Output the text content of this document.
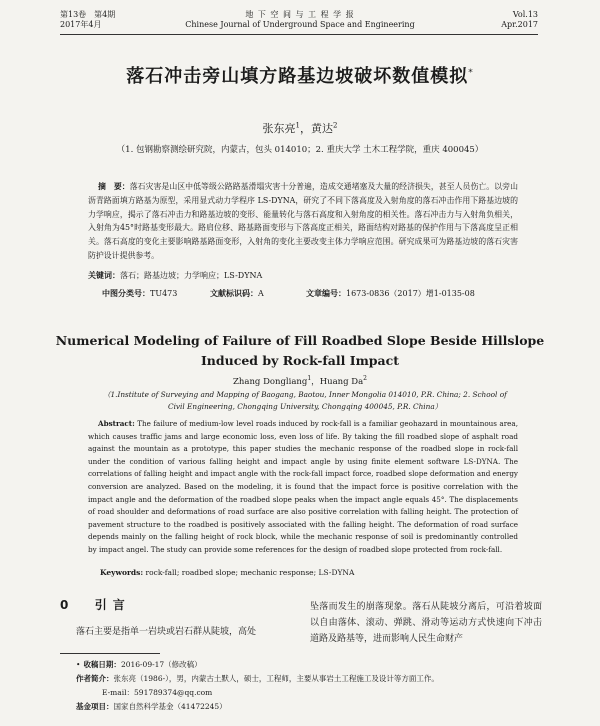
第13卷　第4期
2017年4月
地 下 空 间 与 工 程 学 报
Chinese Journal of Underground Space and Engineering
Vol.13
Apr.2017
落石冲击旁山填方路基边坡破坏数值模拟*
张东亮$^1$，黄达$^2$
（1. 包钢勘察测绘研究院，内蒙古，包头 014010；2. 重庆大学 土木工程学院，重庆 400045）
摘　要：落石灾害是山区中低等级公路路基滑塌灾害十分普遍，造成交通堵塞及大量的经济损失，甚至人员伤亡。以旁山沥青路面填方路基为原型，采用显式动力学程序 LS-DYNA，研究了不同下落高度及入射角度的落石冲击作用下路基边坡的力学响应，揭示了落石冲击力和路基边坡的变形、能量转化与落石高度和入射角度的相关性。落石冲击力与入射角负相关，入射角为45°时路基变形最大。路肩位移、路基路面变形与下落高度正相关，路面结构对路基的保护作用与下落高度呈正相关。落石高度的变化主要影响路基路面变形，入射角的变化主要改变主体力学响应范围。研究成果可为路基边坡的落石灾害防护设计提供参考。
关键词：落石；路基边坡；力学响应；LS-DYNA
中图分类号：TU473	文献标识码：A	文章编号：1673-0836（2017）增1-0135-08
Numerical Modeling of Failure of Fill Roadbed Slope Beside Hillslope
Induced by Rock-fall Impact
Zhang Dongliang$^1$，Huang Da$^2$
（1.Institute of Surveying and Mapping of Baogang, Baotou, Inner Mongolia 014010, P.R. China; 2. School of Civil Engineering, Chongqing University, Chongqing 400045, P.R. China）
Abstract: The failure of medium-low level roads induced by rock-fall is a familiar geohazard in mountainous area, which causes traffic jams and large economic loss, even loss of life. By taking the fill roadbed slope of asphalt road against the mountain as a prototype, this paper studies the mechanic response of the roadbed slope in rock-fall under the condition of various falling height and impact angle by using finite element software LS-DYNA. The correlations of falling height and impact angle with the rock-fall impact force, roadbed slope deformation and energy conversion are analyzed. Based on the modeling, it is found that the impact force is positive correlation with the impact angle and the deformation of the roadbed slope peaks when the impact angle equals 45°. The displacements of road shoulder and deformations of road surface are also positive correlation with falling height. The protection of pavement structure to the roadbed is positively associated with the falling height. The deformation of road surface depends mainly on the falling height of rock block, while the mechanic response of soil is predominantly controlled by impact angel. The study can provide some references for the design of roadbed slope protected from rock-fall.
Keywords: rock-fall; roadbed slope; mechanic response; LS-DYNA
0 引言
落石主要是指单一岩块或岩石群从陡坡，高处
坠落而发生的崩落现象。落石从陡坡分离后，可沿着坡面以自由落体、滚动、弹跳、滑动等运动方式快速向下冲击道路及路基等，进而影响人民生命财产
• 收稿日期：2016-09-17（修改稿）
作者简介：张东亮（1986-），男，内蒙古土默人，硕士，工程师，主要从事岩土工程施工及设计等方面工作。
E-mail：591789374@qq.com
基金项目：国家自然科学基金（41472245）
